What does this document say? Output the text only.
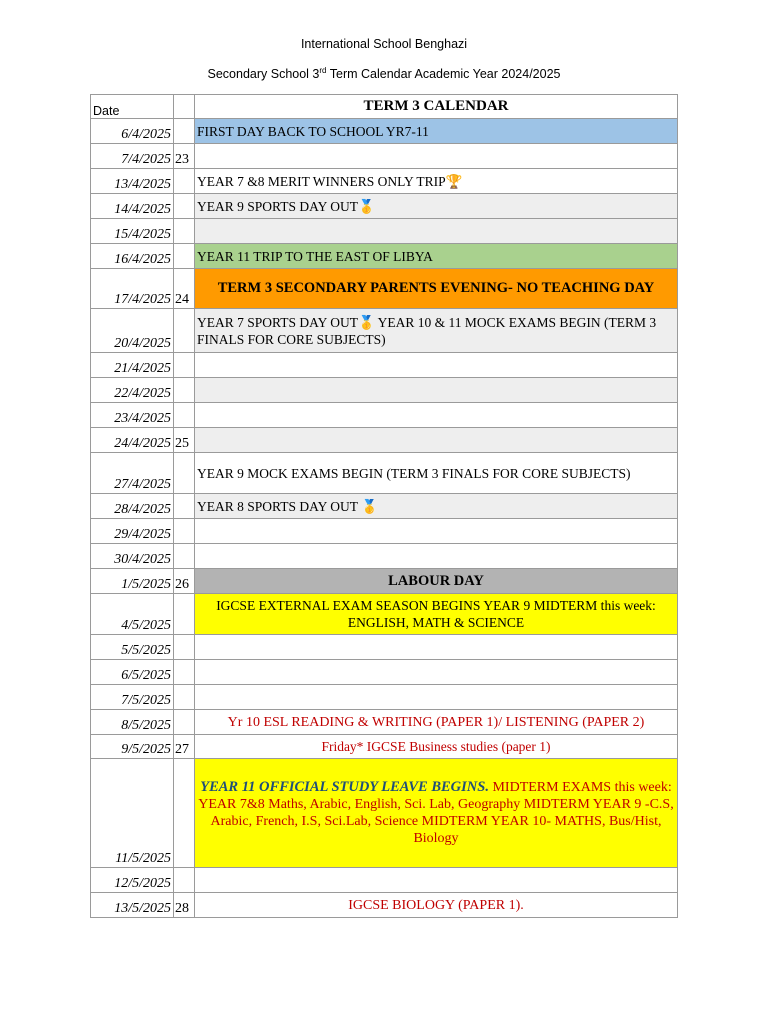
International School Benghazi
Secondary School 3rd Term Calendar Academic Year 2024/2025
Date		TERM 3 CALENDAR
6/4/2025		FIRST DAY BACK TO SCHOOL YR7-11
7/4/2025	23	
13/4/2025		YEAR 7 &8 MERIT WINNERS ONLY TRIP🏆
14/4/2025		YEAR 9 SPORTS DAY OUT🥇
15/4/2025		
16/4/2025		YEAR 11 TRIP TO THE EAST OF LIBYA
17/4/2025	24	TERM 3 SECONDARY PARENTS EVENING- NO TEACHING DAY
20/4/2025		YEAR 7 SPORTS DAY OUT🥇 YEAR 10 & 11 MOCK EXAMS BEGIN (TERM 3 FINALS FOR CORE SUBJECTS)
21/4/2025		
22/4/2025		
23/4/2025		
24/4/2025	25	
27/4/2025		YEAR 9 MOCK EXAMS BEGIN (TERM 3 FINALS FOR CORE SUBJECTS)
28/4/2025		YEAR 8 SPORTS DAY OUT 🥇
29/4/2025		
30/4/2025		
1/5/2025	26	LABOUR DAY
4/5/2025		IGCSE EXTERNAL EXAM SEASON BEGINS YEAR 9 MIDTERM this week: ENGLISH, MATH & SCIENCE
5/5/2025		
6/5/2025		
7/5/2025		
8/5/2025		Yr 10 ESL READING & WRITING (PAPER 1)/ LISTENING (PAPER 2)
9/5/2025	27	Friday* IGCSE Business studies (paper 1)
11/5/2025		YEAR 11 OFFICIAL STUDY LEAVE BEGINS. MIDTERM EXAMS this week: YEAR 7&8 Maths, Arabic, English, Sci. Lab, Geography MIDTERM YEAR 9 -C.S, Arabic, French, I.S, Sci.Lab, Science MIDTERM YEAR 10- MATHS, Bus/Hist, Biology
12/5/2025		
13/5/2025	28	IGCSE BIOLOGY (PAPER 1).
